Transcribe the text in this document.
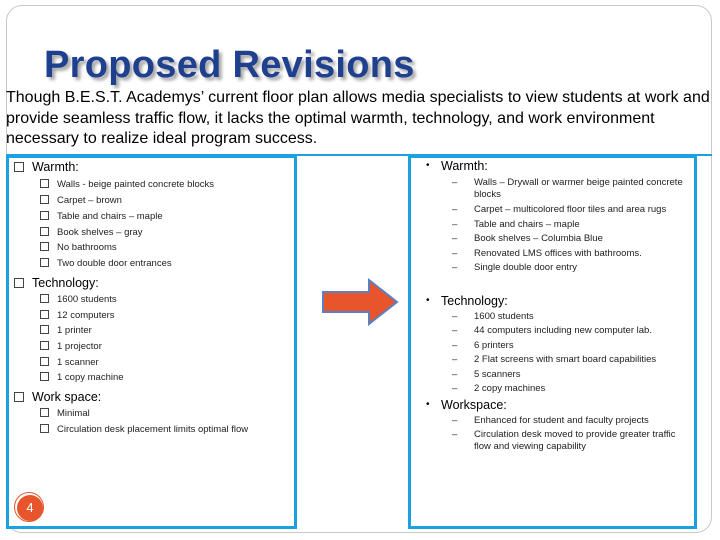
Proposed Revisions
Though B.E.S.T. Academys’ current floor plan allows media specialists to view students at work and provide seamless traffic flow, it lacks the optimal warmth, technology, and work environment necessary to realize ideal program success.
Warmth:
Walls - beige painted concrete blocks
Carpet – brown
Table and chairs – maple
Book shelves – gray
No bathrooms
Two double door entrances
Technology:
1600 students
12 computers
1 printer
1 projector
1 scanner
1 copy machine
Work space:
Minimal
Circulation desk placement limits optimal flow
• Warmth:
– Walls – Drywall or warmer beige painted concrete blocks
– Carpet – multicolored floor tiles and area rugs
– Table and chairs – maple
– Book shelves – Columbia Blue
– Renovated LMS offices with bathrooms.
– Single double door entry
• Technology:
– 1600 students
– 44 computers including new computer lab.
– 6 printers
– 2 Flat screens with smart board capabilities
– 5 scanners
– 2 copy machines
• Workspace:
– Enhanced for student and faculty projects
– Circulation desk moved to provide greater traffic flow and viewing capability
4
